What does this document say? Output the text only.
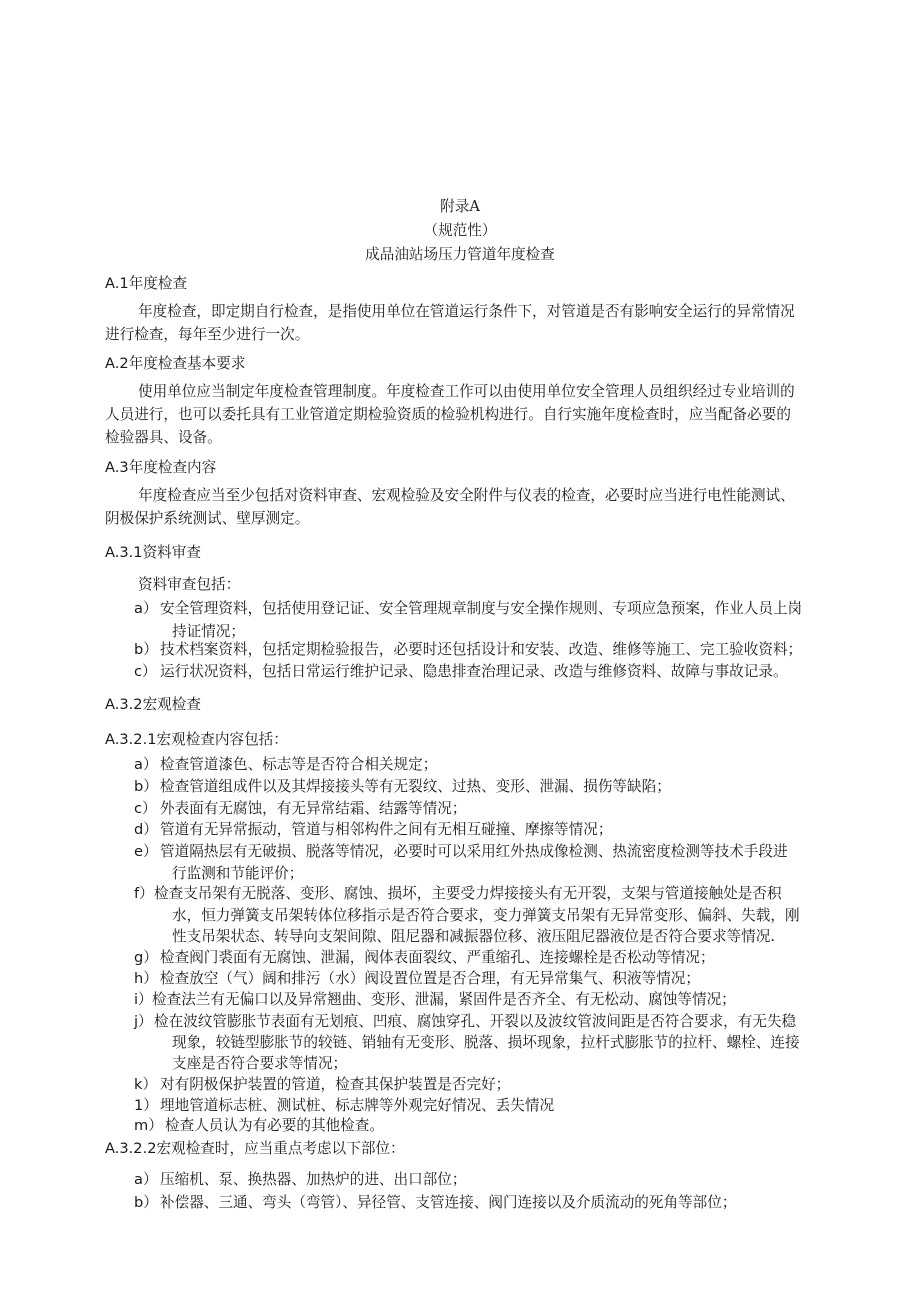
附录A
（规范性）
成品油站场压力管道年度检查
A.1年度检查
年度检查，即定期自行检查，是指使用单位在管道运行条件下，对管道是否有影响安全运行的异常情况
进行检查，每年至少进行一次。
A.2年度检查基本要求
使用单位应当制定年度检查管理制度。年度检查工作可以由使用单位安全管理人员组织经过专业培训的
人员进行，也可以委托具有工业管道定期检验资质的检验机构进行。自行实施年度检查时，应当配备必要的
检验器具、设备。
A.3年度检查内容
年度检查应当至少包括对资料审查、宏观检验及安全附件与仪表的检查，必要时应当进行电性能测试、
阴极保护系统测试、壁厚测定。
A.3.1资料审查
资料审查包括：
a） 安全管理资料，包括使用登记证、安全管理规章制度与安全操作规则、专项应急预案，作业人员上岗
持证情况；
b） 技术档案资料，包括定期检验报告，必要时还包括设计和安装、改造、维修等施工、完工验收资料；
c） 运行状况资料，包括日常运行维护记录、隐患排查治理记录、改造与维修资料、故障与事故记录。
A.3.2宏观检查
A.3.2.1宏观检查内容包括：
a） 检查管道漆色、标志等是否符合相关规定；
b） 检查管道组成件以及其焊接接头等有无裂纹、过热、变形、泄漏、损伤等缺陷；
c） 外表面有无腐蚀，有无异常结霜、结露等情况；
d） 管道有无异常振动，管道与相邻构件之间有无相互碰撞、摩擦等情况；
e） 管道隔热层有无破损、脱落等情况，必要时可以采用红外热成像检测、热流密度检测等技术手段进
行监测和节能评价；
f） 检查支吊架有无脱落、变形、腐蚀、损坏，主要受力焊接接头有无开裂，支架与管道接触处是否积
水，恒力弹簧支吊架转体位移指示是否符合要求，变力弹簧支吊架有无异常变形、偏斜、失载，刚
性支吊架状态、转导向支架间隙、阻尼器和减振器位移、液压阻尼器液位是否符合要求等情况.
g） 检查阀门裘面有无腐蚀、泄漏，阀体表面裂纹、严重缩孔、连接螺栓是否松动等情况；
h） 检查放空（气）阔和排污（水）阀设置位置是否合理，有无异常集气、积液等情况；
i） 检查法兰有无偏口以及异常翘曲、变形、泄漏，紧固件是否齐全、有无松动、腐蚀等情况；
j） 检在波纹管膨胀节表面有无划痕、凹痕、腐蚀穿孔、开裂以及波纹管波间距是否符合要求，有无失稳
现象，较链型膨胀节的较链、销轴有无变形、脱落、损坏现象，拉杆式膨胀节的拉杆、螺栓、连接
支座是否符合要求等情况；
k） 对有阴极保护装置的管道，检查其保护装置是否完好；
1） 埋地管道标志桩、测试桩、标志牌等外观完好情况、丢失情况
m） 检查人员认为有必要的其他检查。
A.3.2.2宏观检查时，应当重点考虑以下部位：
a） 压缩机、泵、换热器、加热炉的进、出口部位；
b） 补偿器、三通、弯头（弯管）、异径管、支管连接、阀门连接以及介质流动的死角等部位；
